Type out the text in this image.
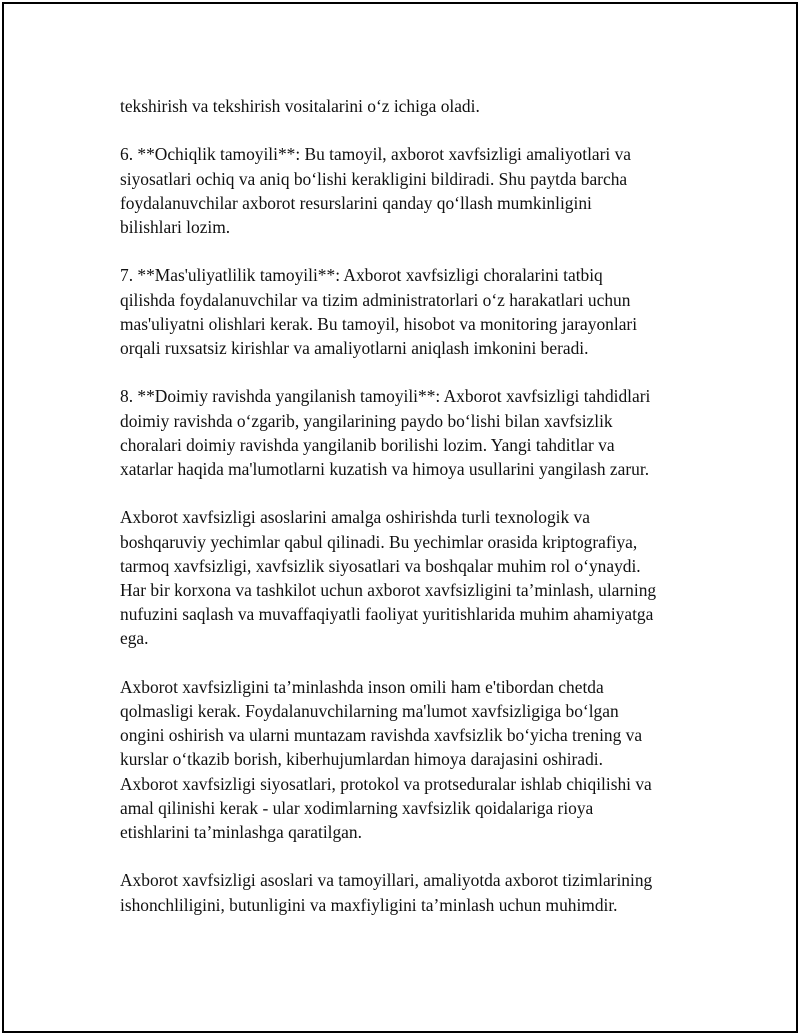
tekshirish va tekshirish vositalarini o‘z ichiga oladi.

6. **Ochiqlik tamoyili**: Bu tamoyil, axborot xavfsizligi amaliyotlari va
siyosatlari ochiq va aniq bo‘lishi kerakligini bildiradi. Shu paytda barcha
foydalanuvchilar axborot resurslarini qanday qo‘llash mumkinligini
bilishlari lozim.

7. **Mas'uliyatlilik tamoyili**: Axborot xavfsizligi choralarini tatbiq
qilishda foydalanuvchilar va tizim administratorlari o‘z harakatlari uchun
mas'uliyatni olishlari kerak. Bu tamoyil, hisobot va monitoring jarayonlari
orqali ruxsatsiz kirishlar va amaliyotlarni aniqlash imkonini beradi.

8. **Doimiy ravishda yangilanish tamoyili**: Axborot xavfsizligi tahdidlari
doimiy ravishda o‘zgarib, yangilarining paydo bo‘lishi bilan xavfsizlik
choralari doimiy ravishda yangilanib borilishi lozim. Yangi tahditlar va
xatarlar haqida ma'lumotlarni kuzatish va himoya usullarini yangilash zarur.

Axborot xavfsizligi asoslarini amalga oshirishda turli texnologik va
boshqaruviy yechimlar qabul qilinadi. Bu yechimlar orasida kriptografiya,
tarmoq xavfsizligi, xavfsizlik siyosatlari va boshqalar muhim rol o‘ynaydi.
Har bir korxona va tashkilot uchun axborot xavfsizligini ta’minlash, ularning
nufuzini saqlash va muvaffaqiyatli faoliyat yuritishlarida muhim ahamiyatga
ega.

Axborot xavfsizligini ta’minlashda inson omili ham e'tibordan chetda
qolmasligi kerak. Foydalanuvchilarning ma'lumot xavfsizligiga bo‘lgan
ongini oshirish va ularni muntazam ravishda xavfsizlik bo‘yicha trening va
kurslar o‘tkazib borish, kiberhujumlardan himoya darajasini oshiradi.
Axborot xavfsizligi siyosatlari, protokol va protseduralar ishlab chiqilishi va
amal qilinishi kerak - ular xodimlarning xavfsizlik qoidalariga rioya
etishlarini ta’minlashga qaratilgan.

Axborot xavfsizligi asoslari va tamoyillari, amaliyotda axborot tizimlarining
ishonchliligini, butunligini va maxfiyligini ta’minlash uchun muhimdir.
